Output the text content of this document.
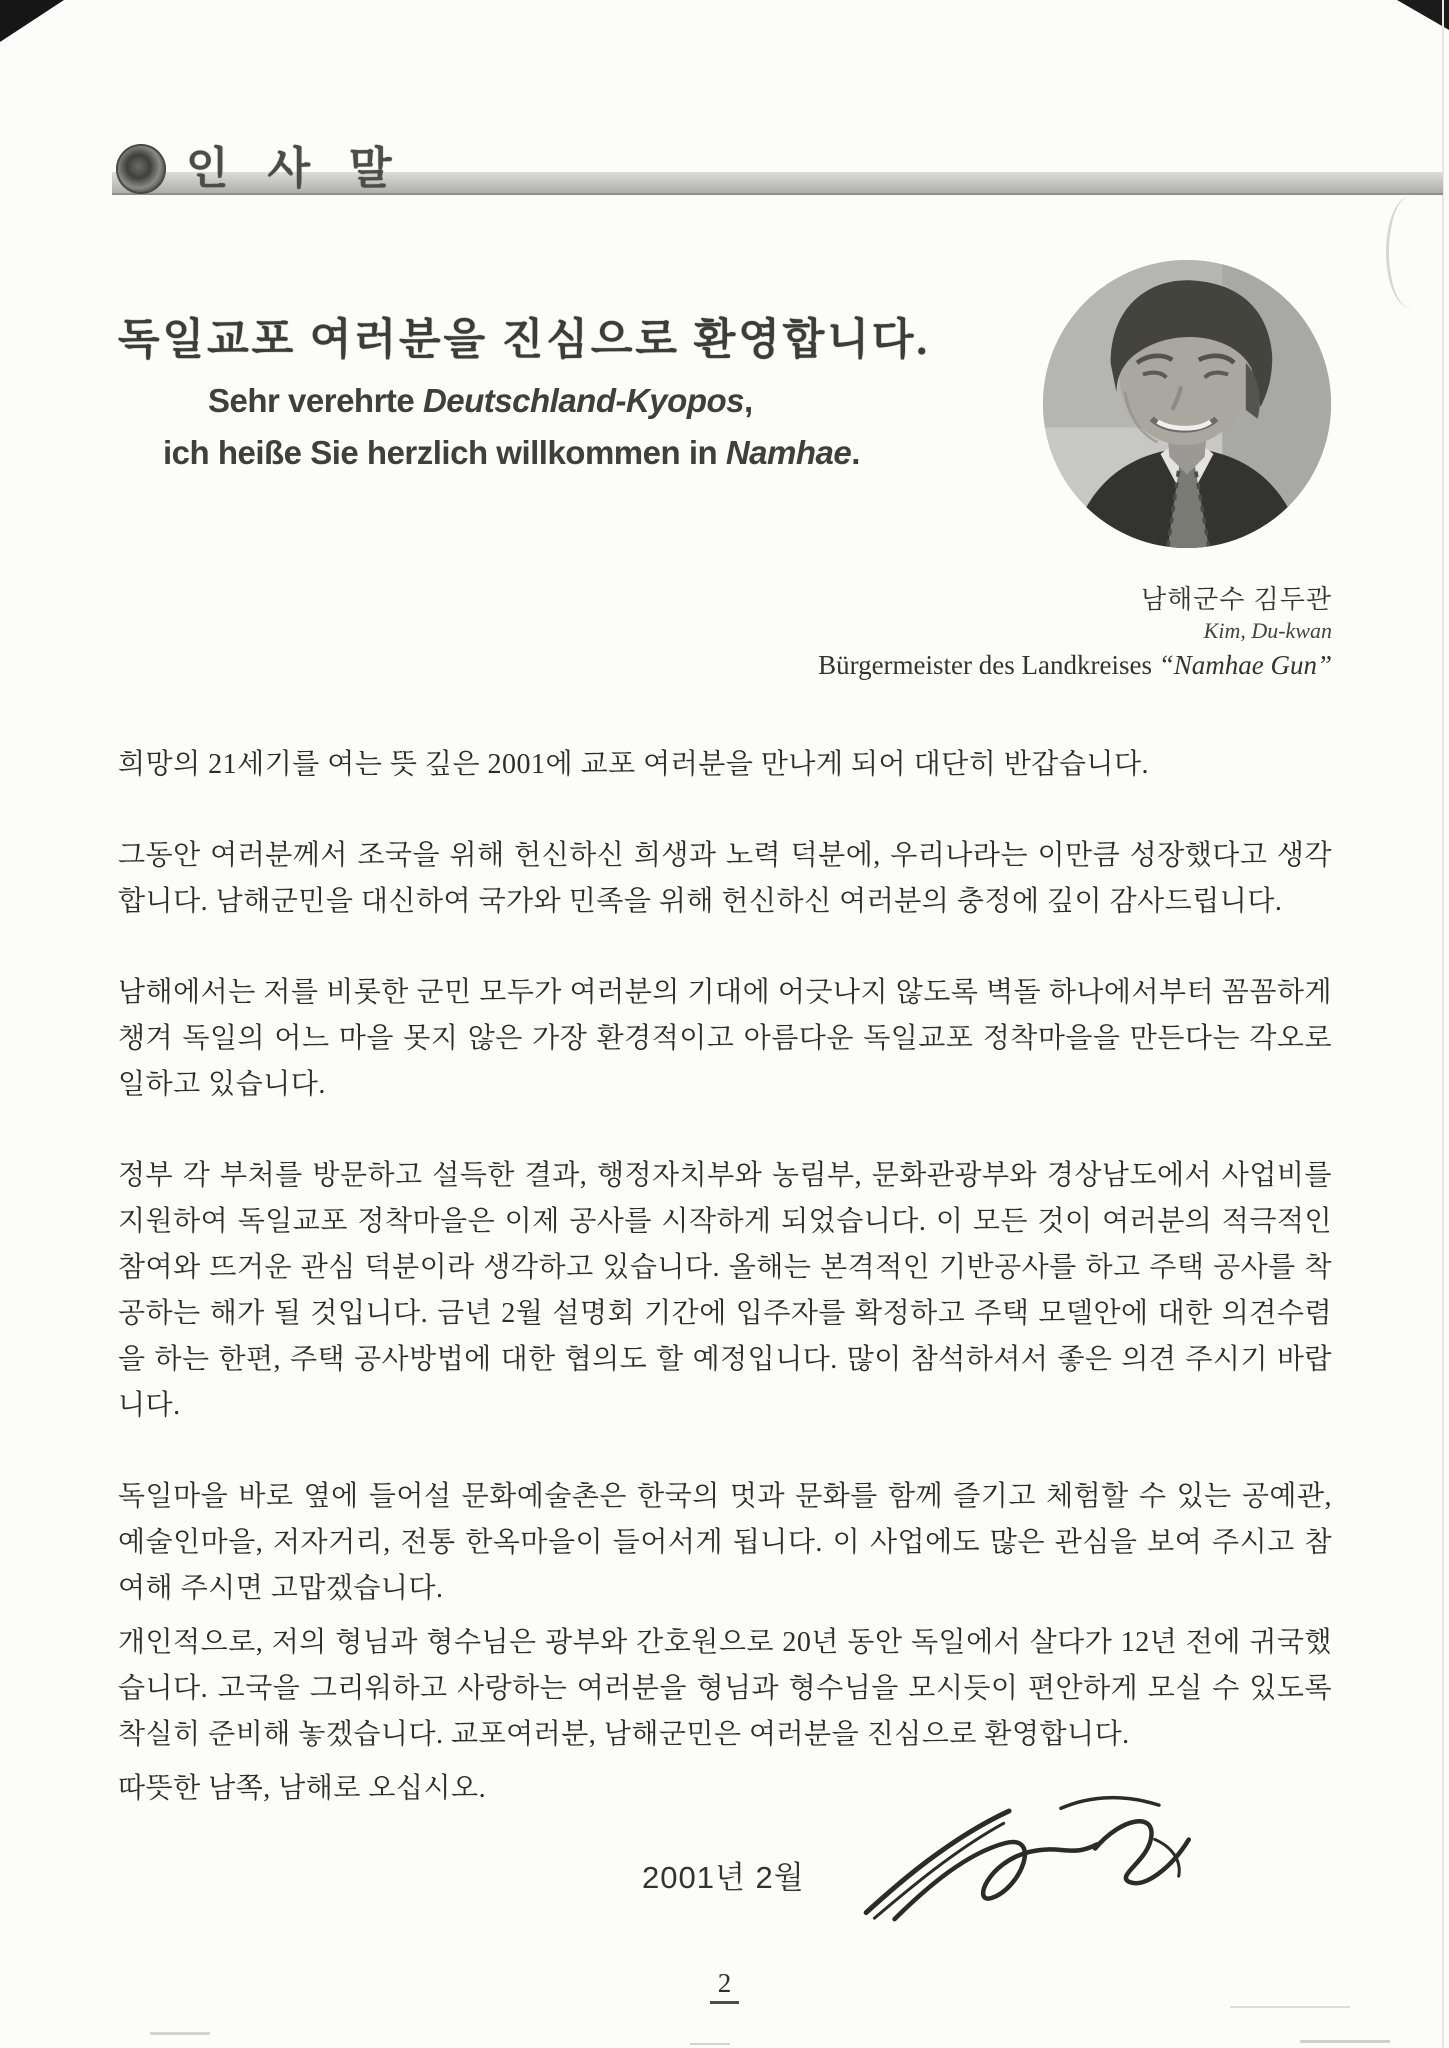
인 사 말
독일교포 여러분을 진심으로 환영합니다.
Sehr verehrte Deutschland-Kyopos,
ich heiße Sie herzlich willkommen in Namhae.
남해군수 김두관
Kim, Du-kwan
Bürgermeister des Landkreises “Namhae Gun”

희망의 21세기를 여는 뜻 깊은 2001에 교포 여러분을 만나게 되어 대단히 반갑습니다.

그동안 여러분께서 조국을 위해 헌신하신 희생과 노력 덕분에, 우리나라는 이만큼 성장했다고 생각합니다. 남해군민을 대신하여 국가와 민족을 위해 헌신하신 여러분의 충정에 깊이 감사드립니다.

남해에서는 저를 비롯한 군민 모두가 여러분의 기대에 어긋나지 않도록 벽돌 하나에서부터 꼼꼼하게 챙겨 독일의 어느 마을 못지 않은 가장 환경적이고 아름다운 독일교포 정착마을을 만든다는 각오로 일하고 있습니다.

정부 각 부처를 방문하고 설득한 결과, 행정자치부와 농림부, 문화관광부와 경상남도에서 사업비를 지원하여 독일교포 정착마을은 이제 공사를 시작하게 되었습니다. 이 모든 것이 여러분의 적극적인 참여와 뜨거운 관심 덕분이라 생각하고 있습니다. 올해는 본격적인 기반공사를 하고 주택 공사를 착공하는 해가 될 것입니다. 금년 2월 설명회 기간에 입주자를 확정하고 주택 모델안에 대한 의견수렴을 하는 한편, 주택 공사방법에 대한 협의도 할 예정입니다. 많이 참석하셔서 좋은 의견 주시기 바랍니다.

독일마을 바로 옆에 들어설 문화예술촌은 한국의 멋과 문화를 함께 즐기고 체험할 수 있는 공예관, 예술인마을, 저자거리, 전통 한옥마을이 들어서게 됩니다. 이 사업에도 많은 관심을 보여 주시고 참여해 주시면 고맙겠습니다.

개인적으로, 저의 형님과 형수님은 광부와 간호원으로 20년 동안 독일에서 살다가 12년 전에 귀국했습니다. 고국을 그리워하고 사랑하는 여러분을 형님과 형수님을 모시듯이 편안하게 모실 수 있도록 착실히 준비해 놓겠습니다. 교포여러분, 남해군민은 여러분을 진심으로 환영합니다.

따뜻한 남쪽, 남해로 오십시오.

2001년 2월
2
